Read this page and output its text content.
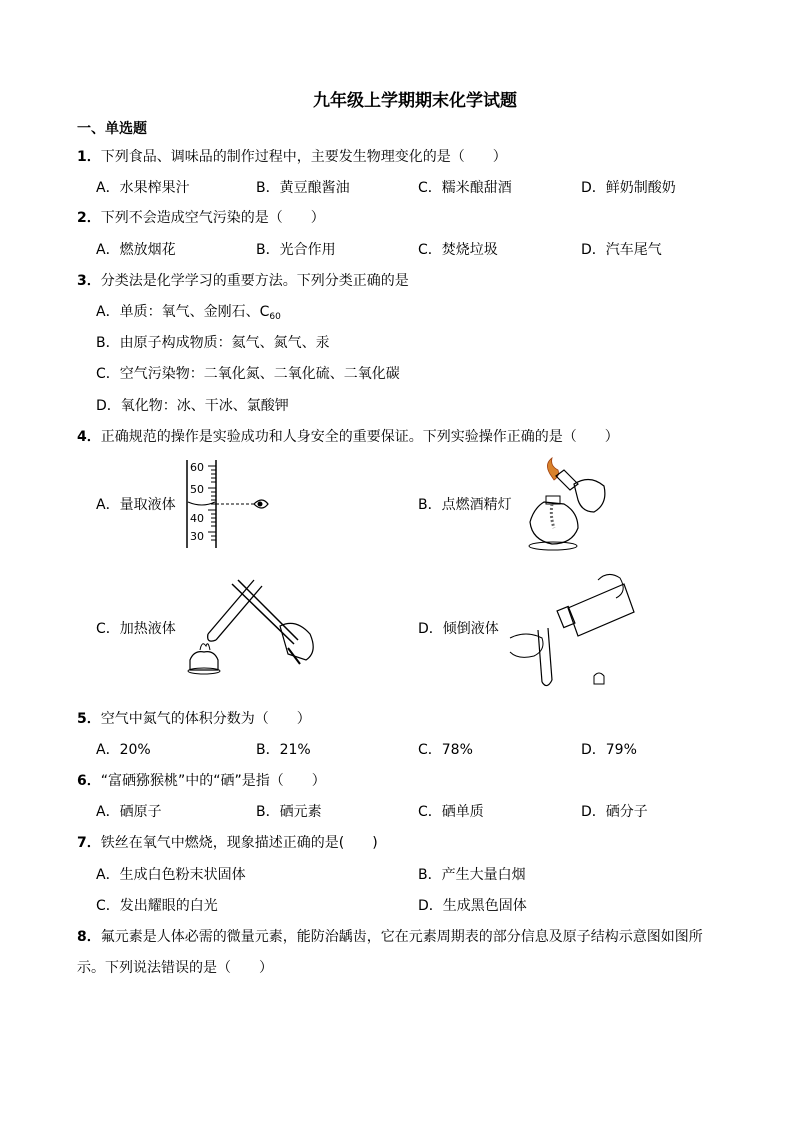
九年级上学期期末化学试题
一、单选题
1．下列食品、调味品的制作过程中，主要发生物理变化的是（　　）
A．水果榨果汁	B．黄豆酿酱油	C．糯米酿甜酒	D．鲜奶制酸奶
2．下列不会造成空气污染的是（　　）
A．燃放烟花	B．光合作用	C．焚烧垃圾	D．汽车尾气
3．分类法是化学学习的重要方法。下列分类正确的是
A．单质：氧气、金刚石、$C_{60}$
B．由原子构成物质：氦气、氮气、汞
C．空气污染物：二氧化氮、二氧化硫、二氧化碳
D．氧化物：冰、干冰、氯酸钾
4．正确规范的操作是实验成功和人身安全的重要保证。下列实验操作正确的是（　　）
A．量取液体
60
50
40
30
B．点燃酒精灯
C．加热液体	D．倾倒液体
5．空气中氮气的体积分数为（　　）
A．20%	B．21%	C．78%	D．79%
6．“富硒猕猴桃”中的“硒”是指（　　）
A．硒原子	B．硒元素	C．硒单质	D．硒分子
7．铁丝在氧气中燃烧，现象描述正确的是(　　)
A．生成白色粉末状固体	B．产生大量白烟
C．发出耀眼的白光	D．生成黑色固体
8．氟元素是人体必需的微量元素，能防治龋齿，它在元素周期表的部分信息及原子结构示意图如图所
示。下列说法错误的是（　　）
